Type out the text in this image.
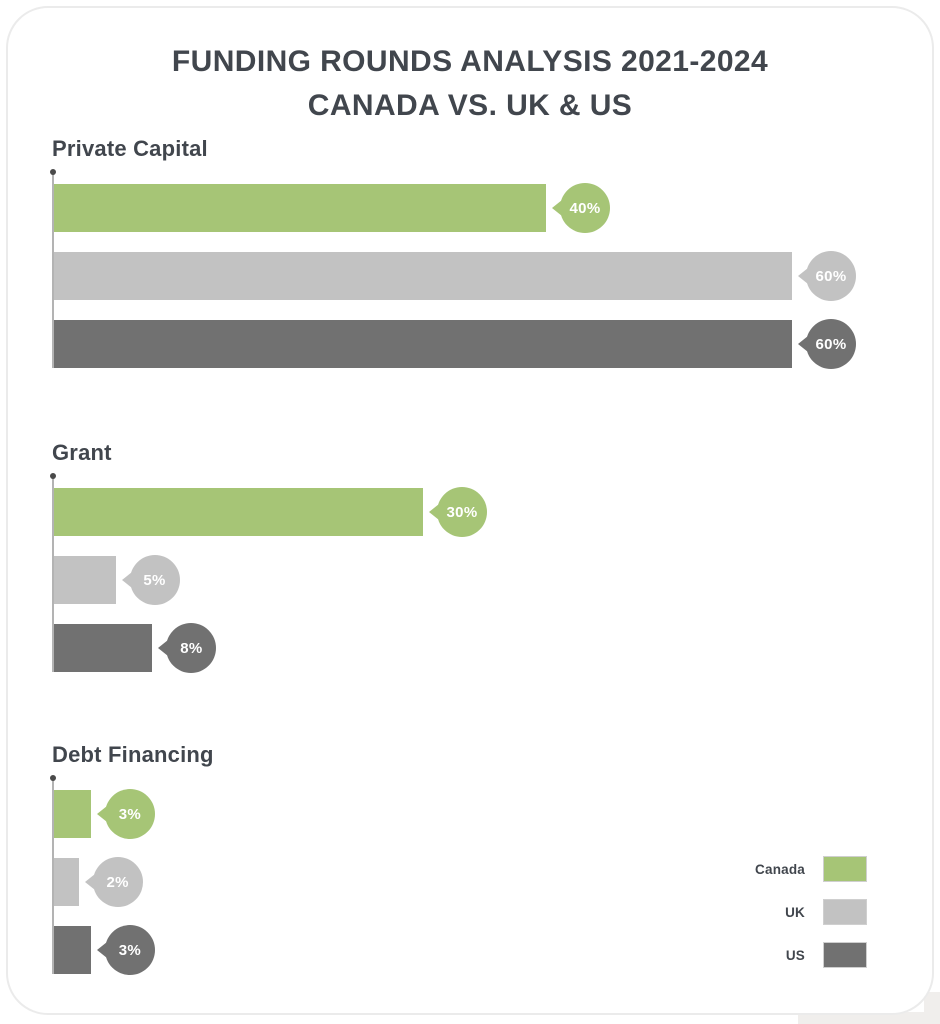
FUNDING ROUNDS ANALYSIS 2021-2024
CANADA VS. UK & US
Private Capital
40%
60%
60%
Grant
30%
5%
8%
Debt Financing
3%
2%
3%
Canada
UK
US
